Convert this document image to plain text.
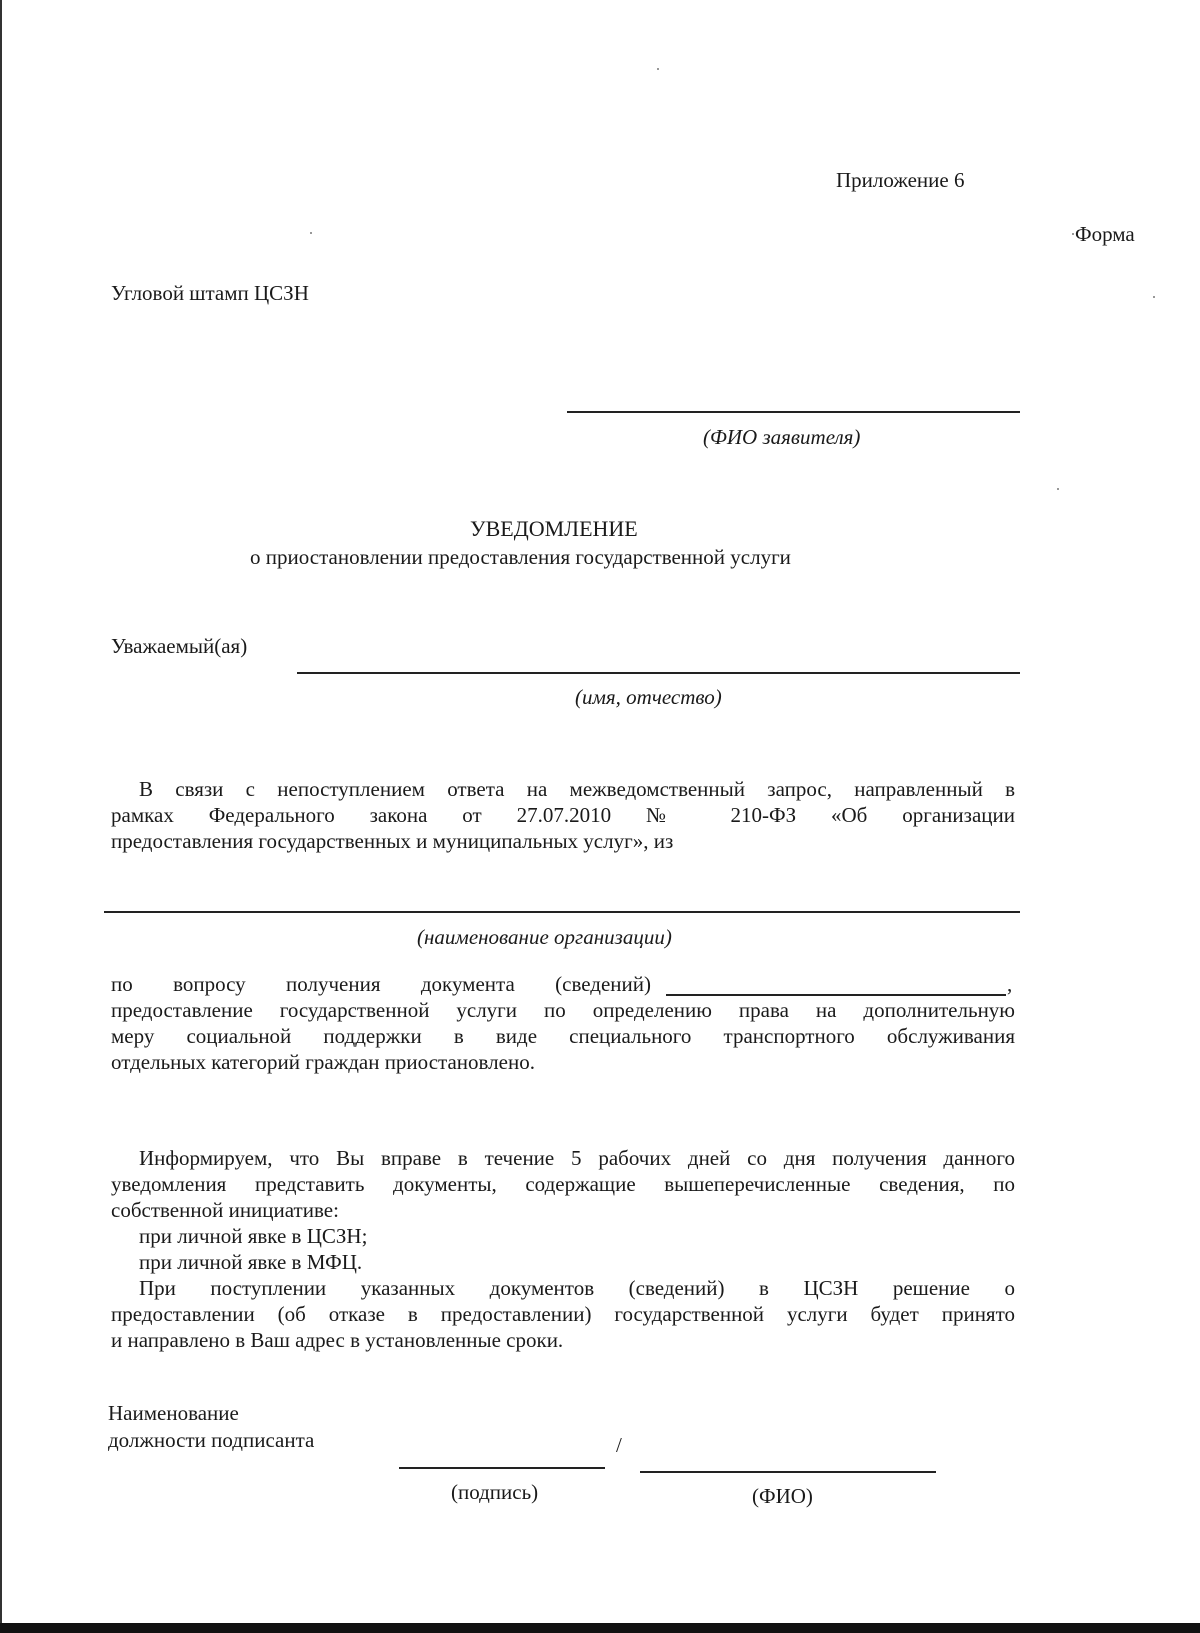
Приложение 6
Форма
Угловой штамп ЦСЗН
(ФИО заявителя)
УВЕДОМЛЕНИЕ
о приостановлении предоставления государственной услуги
Уважаемый(ая)
(имя, отчество)
В связи с непоступлением ответа на межведомственный запрос, направленный в
рамках Федерального закона от 27.07.2010 № 210-ФЗ «Об организации
предоставления государственных и муниципальных услуг», из
(наименование организации)
по вопросу получения документа (сведений)	,
предоставление государственной услуги по определению права на дополнительную
меру социальной поддержки в виде специального транспортного обслуживания
отдельных категорий граждан приостановлено.
Информируем, что Вы вправе в течение 5 рабочих дней со дня получения данного
уведомления представить документы, содержащие вышеперечисленные сведения, по
собственной инициативе:
при личной явке в ЦСЗН;
при личной явке в МФЦ.
При поступлении указанных документов (сведений) в ЦСЗН решение о
предоставлении (об отказе в предоставлении) государственной услуги будет принято
и направлено в Ваш адрес в установленные сроки.
Наименование
должности подписанта	/
(подпись)	(ФИО)
